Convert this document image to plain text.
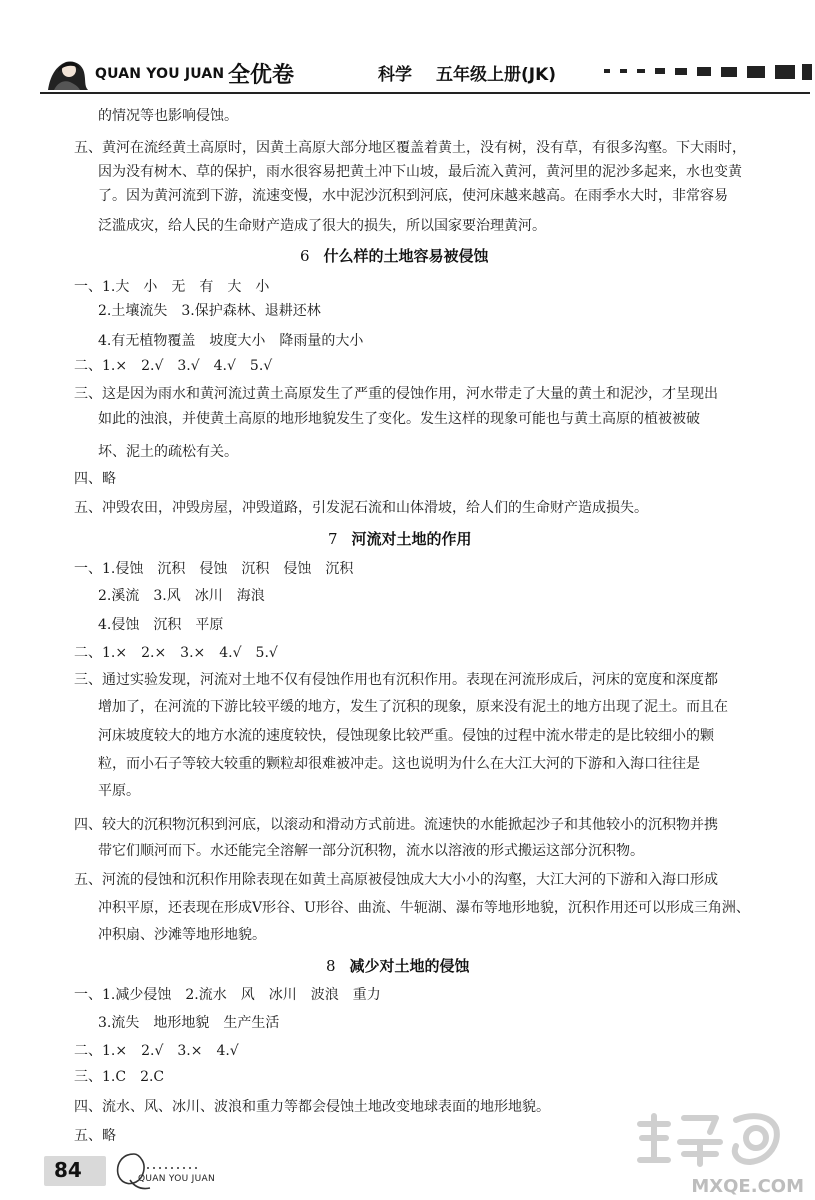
QUAN YOU JUAN 全优卷	科学 五年级上册(JK)
的情况等也影响侵蚀。
五、黄河在流经黄土高原时，因黄土高原大部分地区覆盖着黄土，没有树，没有草，有很多沟壑。下大雨时，
因为没有树木、草的保护，雨水很容易把黄土冲下山坡，最后流入黄河，黄河里的泥沙多起来，水也变黄
了。因为黄河流到下游，流速变慢，水中泥沙沉积到河底，使河床越来越高。在雨季水大时，非常容易
泛滥成灾，给人民的生命财产造成了很大的损失，所以国家要治理黄河。
6 什么样的土地容易被侵蚀
一、1.大　小　无　有　大　小
2.土壤流失　3.保护森林、退耕还林
4.有无植物覆盖　坡度大小　降雨量的大小
二、1.×　2.√　3.√　4.√　5.√
三、这是因为雨水和黄河流过黄土高原发生了严重的侵蚀作用，河水带走了大量的黄土和泥沙，才呈现出
如此的浊浪，并使黄土高原的地形地貌发生了变化。发生这样的现象可能也与黄土高原的植被被破
坏、泥土的疏松有关。
四、略
五、冲毁农田，冲毁房屋，冲毁道路，引发泥石流和山体滑坡，给人们的生命财产造成损失。
7 河流对土地的作用
一、1.侵蚀　沉积　侵蚀　沉积　侵蚀　沉积
2.溪流　3.风　冰川　海浪
4.侵蚀　沉积　平原
二、1.×　2.×　3.×　4.√　5.√
三、通过实验发现，河流对土地不仅有侵蚀作用也有沉积作用。表现在河流形成后，河床的宽度和深度都
增加了，在河流的下游比较平缓的地方，发生了沉积的现象，原来没有泥土的地方出现了泥土。而且在
河床坡度较大的地方水流的速度较快，侵蚀现象比较严重。侵蚀的过程中流水带走的是比较细小的颗
粒，而小石子等较大较重的颗粒却很难被冲走。这也说明为什么在大江大河的下游和入海口往往是
平原。
四、较大的沉积物沉积到河底，以滚动和滑动方式前进。流速快的水能掀起沙子和其他较小的沉积物并携
带它们顺河而下。水还能完全溶解一部分沉积物，流水以溶液的形式搬运这部分沉积物。
五、河流的侵蚀和沉积作用除表现在如黄土高原被侵蚀成大大小小的沟壑，大江大河的下游和入海口形成
冲积平原，还表现在形成V形谷、U形谷、曲流、牛轭湖、瀑布等地形地貌，沉积作用还可以形成三角洲、
冲积扇、沙滩等地形地貌。
8 减少对土地的侵蚀
一、1.减少侵蚀　2.流水　风　冰川　波浪　重力
3.流失　地形地貌　生产生活
二、1.×　2.√　3.×　4.√
三、1.C　2.C
四、流水、风、冰川、波浪和重力等都会侵蚀土地改变地球表面的地形地貌。
五、略
84	QUAN YOU JUAN	MXQE.COM
